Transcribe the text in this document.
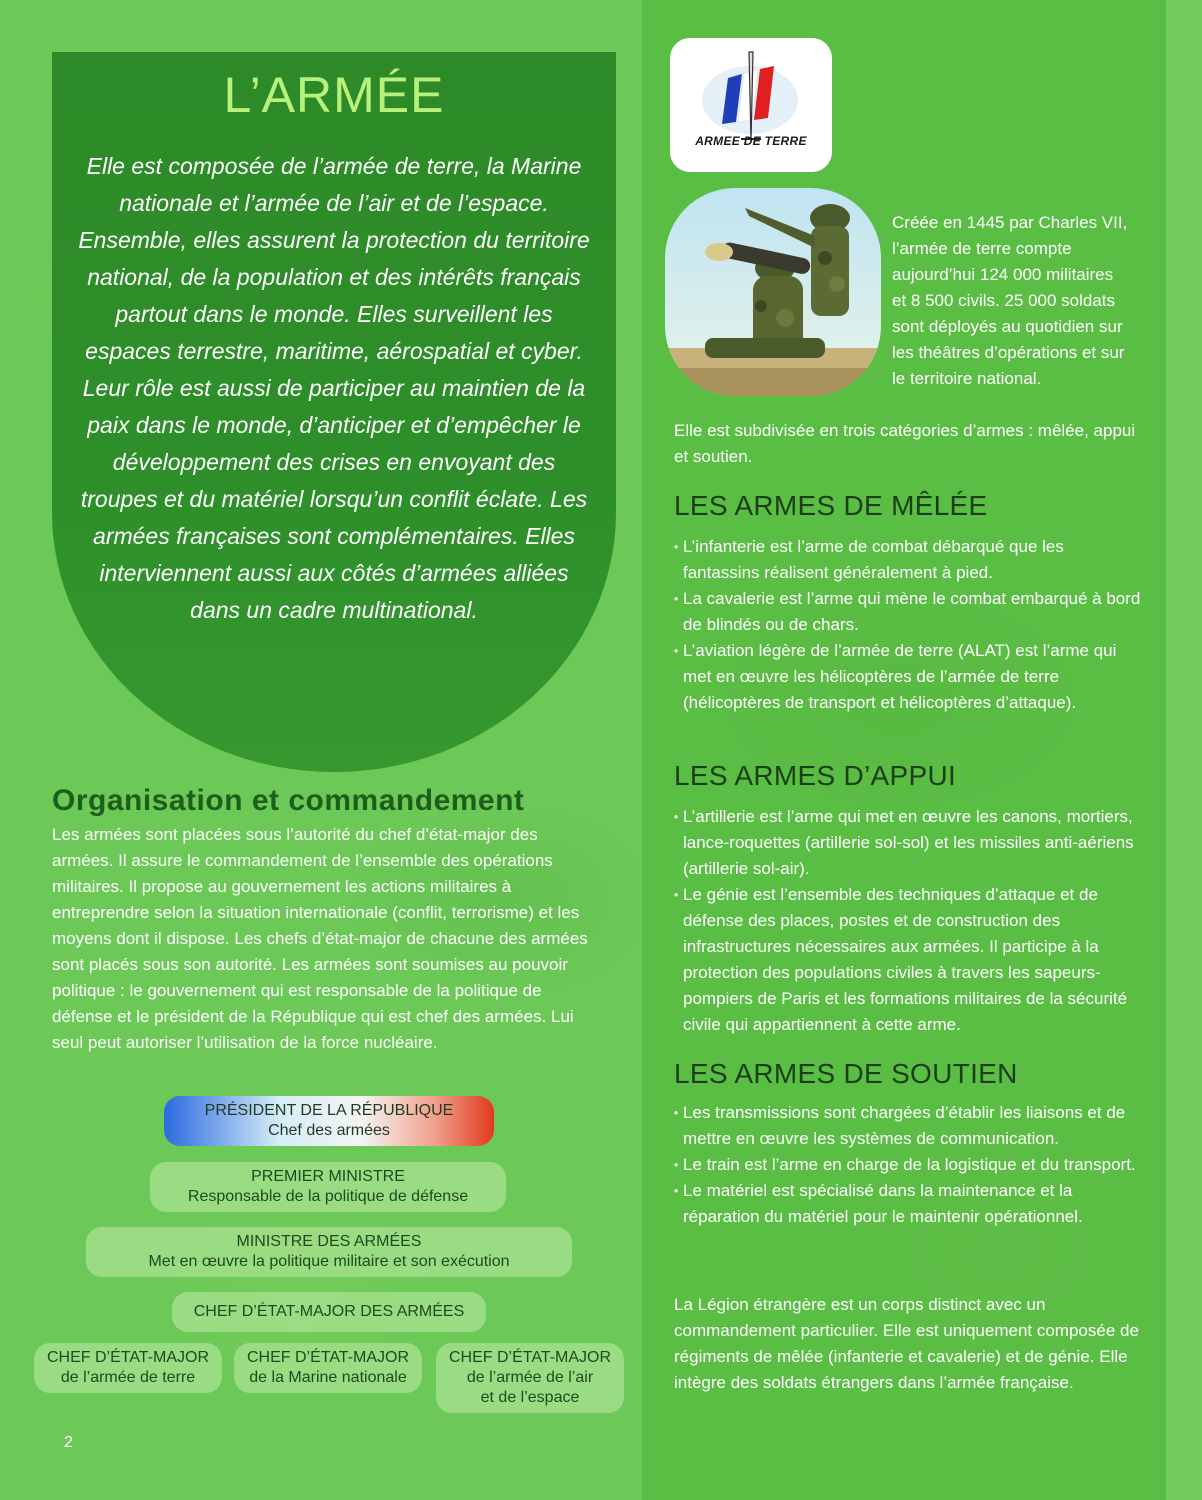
L’ARMÉE

Elle est composée de l’armée de terre, la Marine nationale et l’armée de l’air et de l’espace. Ensemble, elles assurent la protection du territoire national, de la population et des intérêts français partout dans le monde. Elles surveillent les espaces terrestre, maritime, aérospatial et cyber. Leur rôle est aussi de participer au maintien de la paix dans le monde, d’anticiper et d’empêcher le développement des crises en envoyant des troupes et du matériel lorsqu’un conflit éclate. Les armées françaises sont complémentaires. Elles interviennent aussi aux côtés d’armées alliées dans un cadre multinational.

Organisation et commandement

Les armées sont placées sous l’autorité du chef d’état-major des armées. Il assure le commandement de l’ensemble des opérations militaires. Il propose au gouvernement les actions militaires à entreprendre selon la situation internationale (conflit, terrorisme) et les moyens dont il dispose. Les chefs d’état-major de chacune des armées sont placés sous son autorité. Les armées sont soumises au pouvoir politique : le gouvernement qui est responsable de la politique de défense et le président de la République qui est chef des armées. Lui seul peut autoriser l’utilisation de la force nucléaire.

PRÉSIDENT DE LA RÉPUBLIQUE
Chef des armées
PREMIER MINISTRE
Responsable de la politique de défense
MINISTRE DES ARMÉES
Met en œuvre la politique militaire et son exécution
CHEF D’ÉTAT-MAJOR DES ARMÉES
CHEF D’ÉTAT-MAJOR
de l’armée de terre
CHEF D’ÉTAT-MAJOR
de la Marine nationale
CHEF D’ÉTAT-MAJOR
de l’armée de l’air
et de l’espace
2
ARMEE DE TERRE

Créée en 1445 par Charles VII, l’armée de terre compte aujourd’hui 124 000 militaires et 8 500 civils. 25 000 soldats sont déployés au quotidien sur les théâtres d’opérations et sur le territoire national.

Elle est subdivisée en trois catégories d’armes : mêlée, appui et soutien.

LES ARMES DE MÊLÉE
• L’infanterie est l’arme de combat débarqué que les fantassins réalisent généralement à pied.
• La cavalerie est l’arme qui mène le combat embarqué à bord de blindés ou de chars.
• L’aviation légère de l’armée de terre (ALAT) est l’arme qui met en œuvre les hélicoptères de l’armée de terre (hélicoptères de transport et hélicoptères d’attaque).
LES ARMES D’APPUI
• L’artillerie est l’arme qui met en œuvre les canons, mortiers, lance-roquettes (artillerie sol-sol) et les missiles anti-aériens (artillerie sol-air).
• Le génie est l’ensemble des techniques d’attaque et de défense des places, postes et de construction des infrastructures nécessaires aux armées. Il participe à la protection des populations civiles à travers les sapeurs-pompiers de Paris et les formations militaires de la sécurité civile qui appartiennent à cette arme.
LES ARMES DE SOUTIEN
• Les transmissions sont chargées d’établir les liaisons et de mettre en œuvre les systèmes de communication.
• Le train est l’arme en charge de la logistique et du transport.
• Le matériel est spécialisé dans la maintenance et la réparation du matériel pour le maintenir opérationnel.

La Légion étrangère est un corps distinct avec un commandement particulier. Elle est uniquement composée de régiments de mêlée (infanterie et cavalerie) et de génie. Elle intègre des soldats étrangers dans l’armée française.
